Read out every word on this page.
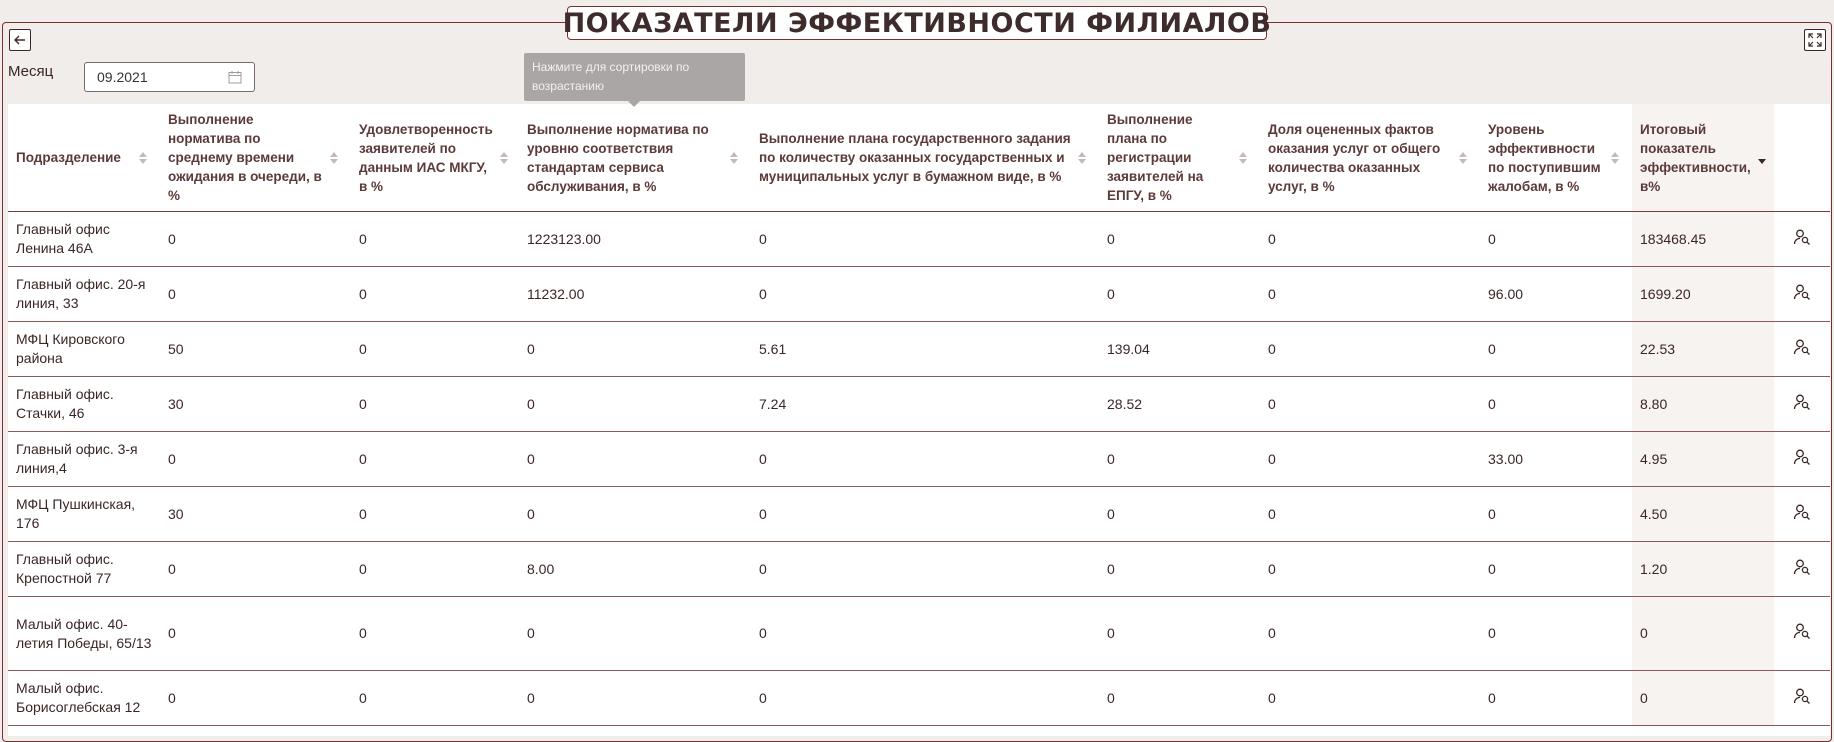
ПОКАЗАТЕЛИ ЭФФЕКТИВНОСТИ ФИЛИАЛОВ
Месяц	09.2021
Нажмите для сортировки по возрастанию
Подразделение	Выполнение норматива по среднему времени ожидания в очереди, в %	Удовлетворенность заявителей по данным ИАС МКГУ, в %	Выполнение норматива по уровню соответствия стандартам сервиса обслуживания, в %	Выполнение плана государственного задания по количеству оказанных государственных и муниципальных услуг в бумажном виде, в %	Выполнение плана по регистрации заявителей на ЕПГУ, в %	Доля оцененных фактов оказания услуг от общего количества оказанных услуг, в %	Уровень эффективности по поступившим жалобам, в %	Итоговый показатель эффективности, в%	

Главный офис Ленина 46А	0	0	1223123.00	0	0	0	0	183468.45	
Главный офис. 20-я линия, 33	0	0	11232.00	0	0	0	96.00	1699.20	
МФЦ Кировского района	50	0	0	5.61	139.04	0	0	22.53	
Главный офис. Стачки, 46	30	0	0	7.24	28.52	0	0	8.80	
Главный офис. 3-я линия,4	0	0	0	0	0	0	33.00	4.95	
МФЦ Пушкинская, 176	30	0	0	0	0	0	0	4.50	
Главный офис. Крепостной 77	0	0	8.00	0	0	0	0	1.20	
Малый офис. 40-летия Победы, 65/13	0	0	0	0	0	0	0	0	
Малый офис. Борисоглебская 12	0	0	0	0	0	0	0	0	
